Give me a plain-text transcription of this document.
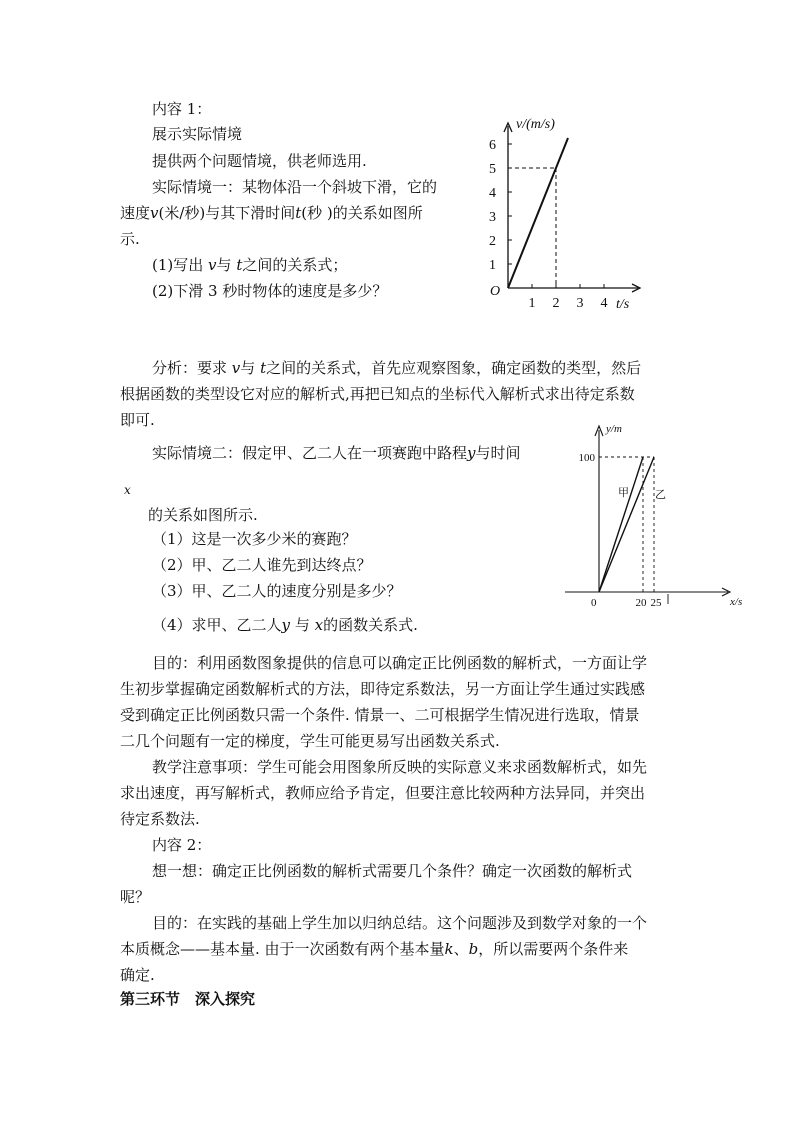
内容 1：
展示实际情境
提供两个问题情境，供老师选用.
实际情境一：某物体沿一个斜坡下滑，它的
速度v(米/秒)与其下滑时间t(秒 )的关系如图所
示.
(1)写出 v与 t之间的关系式；
(2)下滑 3 秒时物体的速度是多少？
1 2 3 4
1
2
3
4
5
6
v/(m/s)
t/s
O
分析：要求 v与 t之间的关系式，首先应观察图象，确定函数的类型，然后
根据函数的类型设它对应的解析式,再把已知点的坐标代入解析式求出待定系数
即可.
实际情境二：假定甲、乙二人在一项赛跑中路程y与时间
x
的关系如图所示.
（1）这是一次多少米的赛跑？
（2）甲、乙二人谁先到达终点？
（3）甲、乙二人的速度分别是多少？
（4）求甲、乙二人y 与 x的函数关系式.
20 25
100
y/m
x/s
0
甲 乙
目的：利用函数图象提供的信息可以确定正比例函数的解析式，一方面让学
生初步掌握确定函数解析式的方法，即待定系数法，另一方面让学生通过实践感
受到确定正比例函数只需一个条件. 情景一、二可根据学生情况进行选取，情景
二几个问题有一定的梯度，学生可能更易写出函数关系式.
教学注意事项：学生可能会用图象所反映的实际意义来求函数解析式，如先
求出速度，再写解析式，教师应给予肯定，但要注意比较两种方法异同，并突出
待定系数法.
内容 2：
想一想：确定正比例函数的解析式需要几个条件？确定一次函数的解析式
呢？
目的：在实践的基础上学生加以归纳总结。这个问题涉及到数学对象的一个
本质概念——基本量. 由于一次函数有两个基本量k、b，所以需要两个条件来
确定.
第三环节　深入探究
